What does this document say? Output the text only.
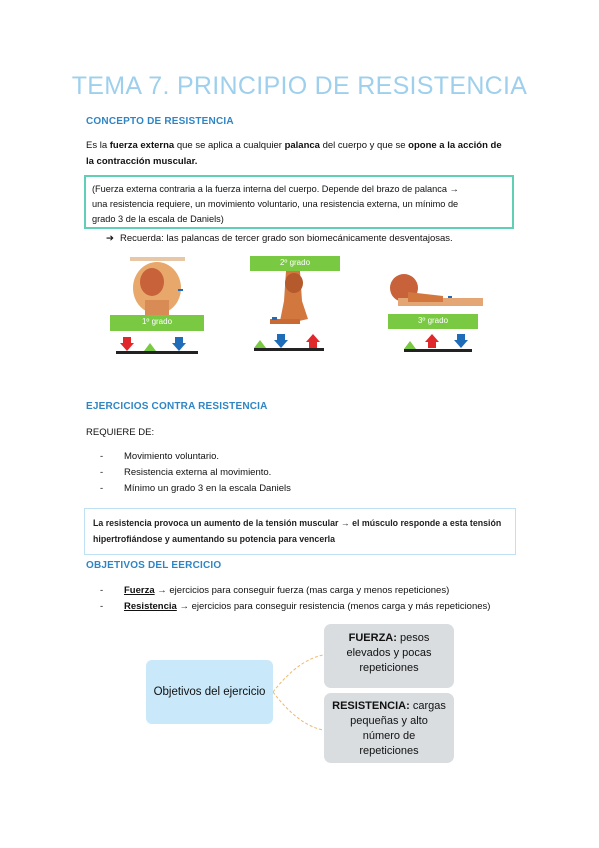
TEMA 7. PRINCIPIO DE RESISTENCIA
CONCEPTO DE RESISTENCIA
Es la fuerza externa que se aplica a cualquier palanca del cuerpo y que se opone a la acción de
la contracción muscular.
(Fuerza externa contraria a la fuerza interna del cuerpo. Depende del brazo de palanca →
una resistencia requiere, un movimiento voluntario, una resistencia externa, un mínimo de
grado 3 de la escala de Daniels)
➔ Recuerda: las palancas de tercer grado son biomecánicamente desventajosas.
1º grado
2º grado
3º grado
EJERCICIOS CONTRA RESISTENCIA
REQUIERE DE:
- Movimiento voluntario.
- Resistencia externa al movimiento.
- Mínimo un grado 3 en la escala Daniels
La resistencia provoca un aumento de la tensión muscular → el músculo responde a esta tensión
hipertrofiándose y aumentando su potencia para vencerla
OBJETIVOS DEL EERCICIO
- Fuerza → ejercicios para conseguir fuerza (mas carga y menos repeticiones)
- Resistencia → ejercicios para conseguir resistencia (menos carga y más repeticiones)
Objetivos del ejercicio
FUERZA: pesos
elevados y pocas
repeticiones
RESISTENCIA: cargas
pequeñas y alto
número de
repeticiones
